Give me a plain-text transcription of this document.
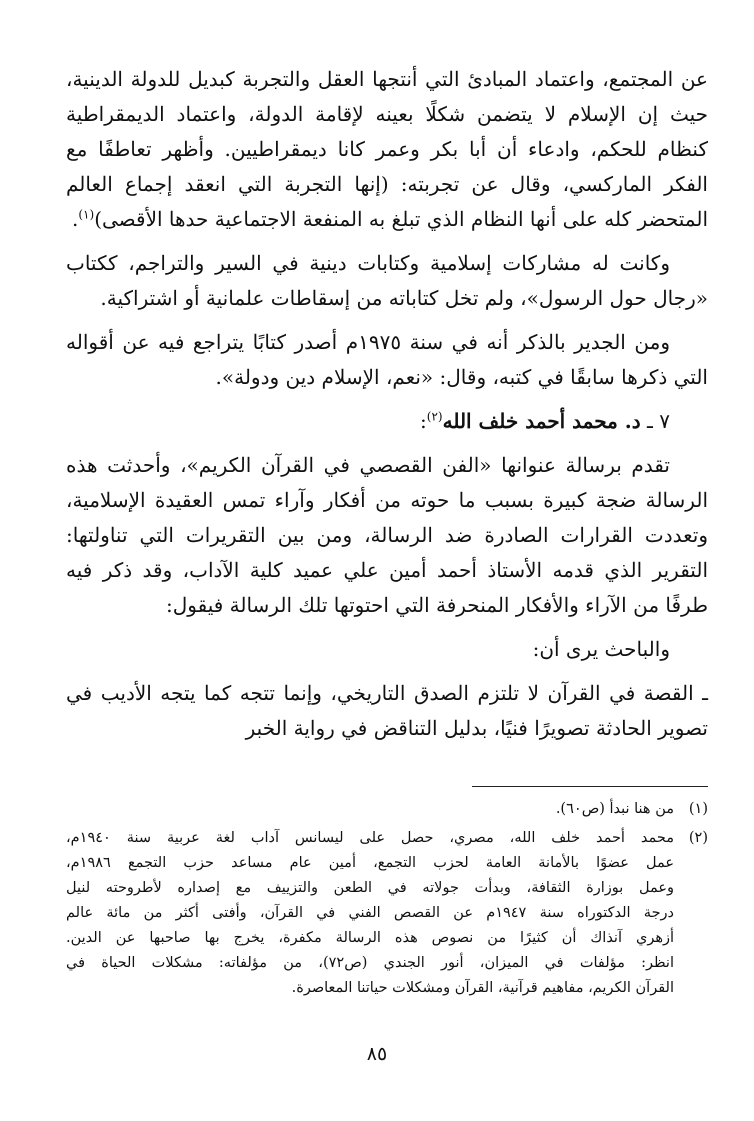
عن المجتمع، واعتماد المبادئ التي أنتجها العقل والتجربة كبديل للدولة الدينية، حيث إن الإسلام لا يتضمن شكلًا بعينه لإقامة الدولة، واعتماد الديمقراطية كنظام للحكم، وادعاء أن أبا بكر وعمر كانا ديمقراطيين. وأظهر تعاطفًا مع الفكر الماركسي، وقال عن تجربته: (إنها التجربة التي انعقد إجماع العالم المتحضر كله على أنها النظام الذي تبلغ به المنفعة الاجتماعية حدها الأقصى)$^{(١)}$.

وكانت له مشاركات إسلامية وكتابات دينية في السير والتراجم، ككتاب «رجال حول الرسول»، ولم تخل كتاباته من إسقاطات علمانية أو اشتراكية.

ومن الجدير بالذكر أنه في سنة ١٩٧٥م أصدر كتابًا يتراجع فيه عن أقواله التي ذكرها سابقًا في كتبه، وقال: «نعم، الإسلام دين ودولة».

٧ ـ د. محمد أحمد خلف الله$^{(٢)}$:

تقدم برسالة عنوانها «الفن القصصي في القرآن الكريم»، وأحدثت هذه الرسالة ضجة كبيرة بسبب ما حوته من أفكار وآراء تمس العقيدة الإسلامية، وتعددت القرارات الصادرة ضد الرسالة، ومن بين التقريرات التي تناولتها: التقرير الذي قدمه الأستاذ أحمد أمين علي عميد كلية الآداب، وقد ذكر فيه طرفًا من الآراء والأفكار المنحرفة التي احتوتها تلك الرسالة فيقول:

والباحث يرى أن:

ـ القصة في القرآن لا تلتزم الصدق التاريخي، وإنما تتجه كما يتجه الأديب في تصوير الحادثة تصويرًا فنيًا، بدليل التناقض في رواية الخبر

(١)
من هنا نبدأ (ص٦٠).
(٢)
محمد أحمد خلف الله، مصري، حصل على ليسانس آداب لغة عربية سنة ١٩٤٠م،
عمل عضوًا بالأمانة العامة لحزب التجمع، أمين عام مساعد حزب التجمع ١٩٨٦م،
وعمل بوزارة الثقافة، وبدأت جولاته في الطعن والتزييف مع إصداره لأطروحته لنيل
درجة الدكتوراه سنة ١٩٤٧م عن القصص الفني في القرآن، وأفتى أكثر من مائة عالم
أزهري آنذاك أن كثيرًا من نصوص هذه الرسالة مكفرة، يخرج بها صاحبها عن الدين.
انظر: مؤلفات في الميزان، أنور الجندي (ص٧٢)، من مؤلفاته: مشكلات الحياة في
القرآن الكريم، مفاهيم قرآنية، القرآن ومشكلات حياتنا المعاصرة.
٨٥
